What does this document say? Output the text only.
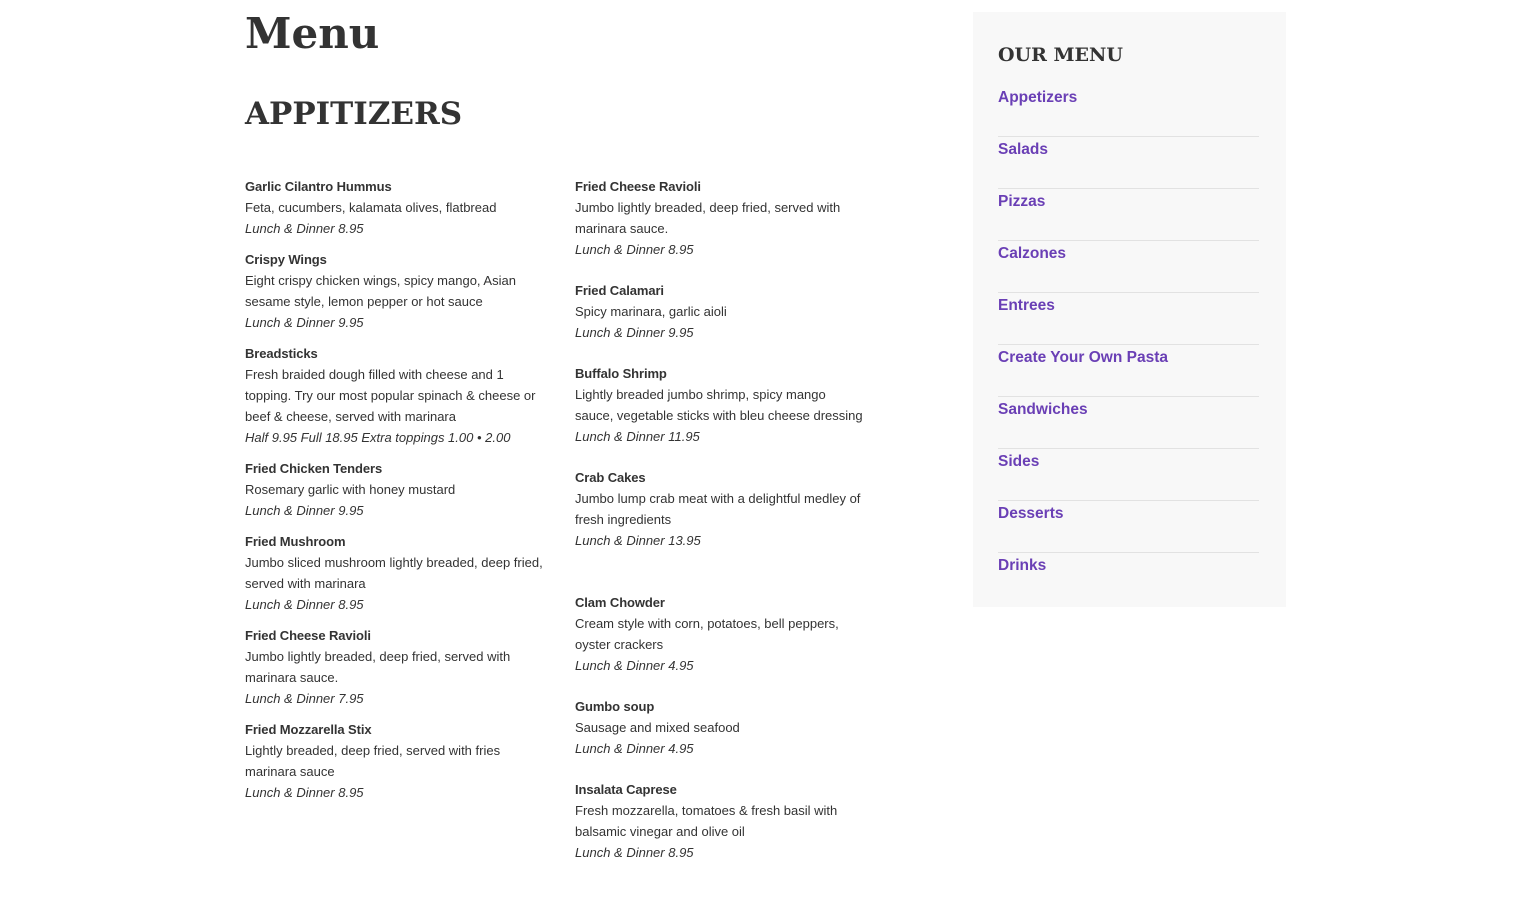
Menu
APPITIZERS
Garlic Cilantro Hummus
Feta, cucumbers, kalamata olives, flatbread
Lunch & Dinner 8.95
Crispy Wings
Eight crispy chicken wings, spicy mango, Asian sesame style, lemon pepper or hot sauce
Lunch & Dinner 9.95
Breadsticks
Fresh braided dough filled with cheese and 1 topping. Try our most popular spinach & cheese or beef & cheese, served with marinara
Half 9.95 Full 18.95 Extra toppings 1.00 • 2.00
Fried Chicken Tenders
Rosemary garlic with honey mustard
Lunch & Dinner 9.95
Fried Mushroom
Jumbo sliced mushroom lightly breaded, deep fried, served with marinara
Lunch & Dinner 8.95
Fried Cheese Ravioli
Jumbo lightly breaded, deep fried, served with marinara sauce.
Lunch & Dinner 7.95
Fried Mozzarella Stix
Lightly breaded, deep fried, served with fries marinara sauce
Lunch & Dinner 8.95
Fried Cheese Ravioli
Jumbo lightly breaded, deep fried, served with marinara sauce.
Lunch & Dinner 8.95
Fried Calamari
Spicy marinara, garlic aioli
Lunch & Dinner 9.95
Buffalo Shrimp
Lightly breaded jumbo shrimp, spicy mango sauce, vegetable sticks with bleu cheese dressing
Lunch & Dinner 11.95
Crab Cakes
Jumbo lump crab meat with a delightful medley of fresh ingredients
Lunch & Dinner 13.95
Clam Chowder
Cream style with corn, potatoes, bell peppers, oyster crackers
Lunch & Dinner 4.95
Gumbo soup
Sausage and mixed seafood
Lunch & Dinner 4.95
Insalata Caprese
Fresh mozzarella, tomatoes & fresh basil with balsamic vinegar and olive oil
Lunch & Dinner 8.95
OUR MENU
Appetizers
Salads
Pizzas
Calzones
Entrees
Create Your Own Pasta
Sandwiches
Sides
Desserts
Drinks
